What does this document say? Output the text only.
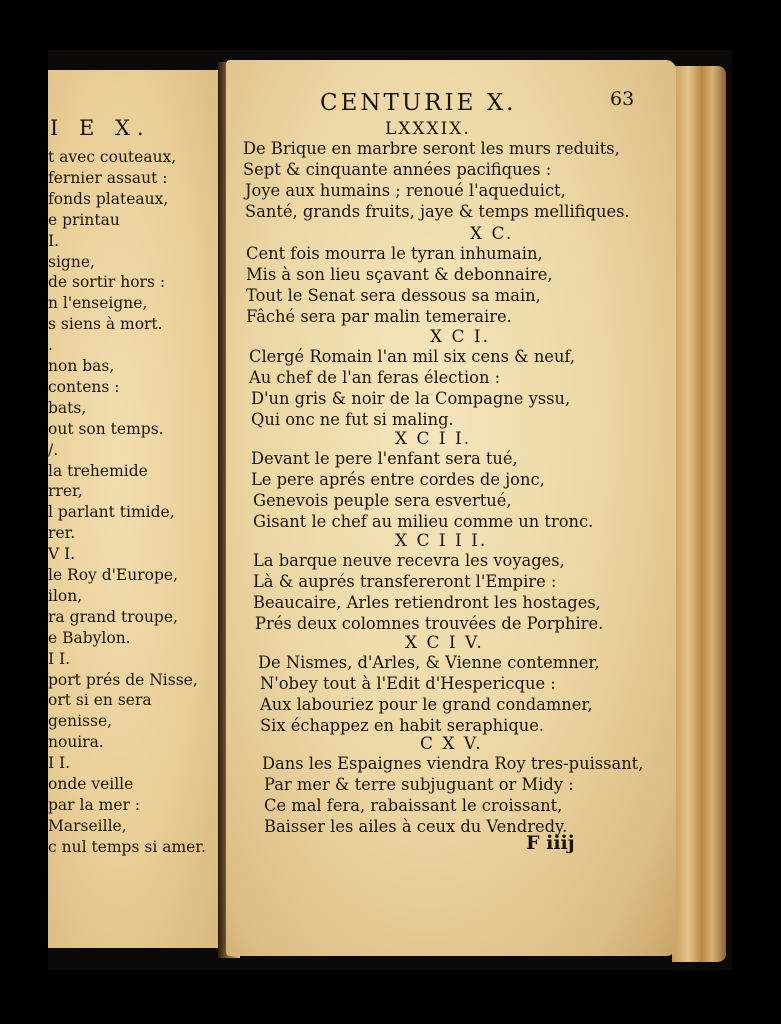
I E X.
t avec couteaux,
fernier assaut :
fonds plateaux,
e printau
I.
signe,
de sortir hors :
n l'enseigne,
s siens à mort.
.
non bas,
contens :
bats,
out son temps.
/.
la trehemide
rrer,
l parlant timide,
rer.
V I.
le Roy d'Europe,
ilon,
ra grand troupe,
e Babylon.
I I.
port prés de Nisse,
ort si en sera
genisse,
nouira.
I I.
onde veille
par la mer :
Marseille,
c nul temps si amer.
CENTURIE X.	63
LXXXIX.
De Brique en marbre seront les murs reduits,
Sept & cinquante années pacifiques :
Joye aux humains ; renoué l'aqueduict,
Santé, grands fruits, jaye & temps mellifiques.
X C.
Cent fois mourra le tyran inhumain,
Mis à son lieu sçavant & debonnaire,
Tout le Senat sera dessous sa main,
Fâché sera par malin temeraire.
X C I.
Clergé Romain l'an mil six cens & neuf,
Au chef de l'an feras élection :
D'un gris & noir de la Compagne yssu,
Qui onc ne fut si maling.
X C I I.
Devant le pere l'enfant sera tué,
Le pere aprés entre cordes de jonc,
Genevois peuple sera esvertué,
Gisant le chef au milieu comme un tronc.
X C I I I.
La barque neuve recevra les voyages,
Là & auprés transfereront l'Empire :
Beaucaire, Arles retiendront les hostages,
Prés deux colomnes trouvées de Porphire.
X C I V.
De Nismes, d'Arles, & Vienne contemner,
N'obey tout à l'Edit d'Hespericque :
Aux labouriez pour le grand condamner,
Six échappez en habit seraphique.
C X V.
Dans les Espaignes viendra Roy tres-puissant,
Par mer & terre subjuguant or Midy :
Ce mal fera, rabaissant le croissant,
Baisser les ailes à ceux du Vendredy.
F iiij
